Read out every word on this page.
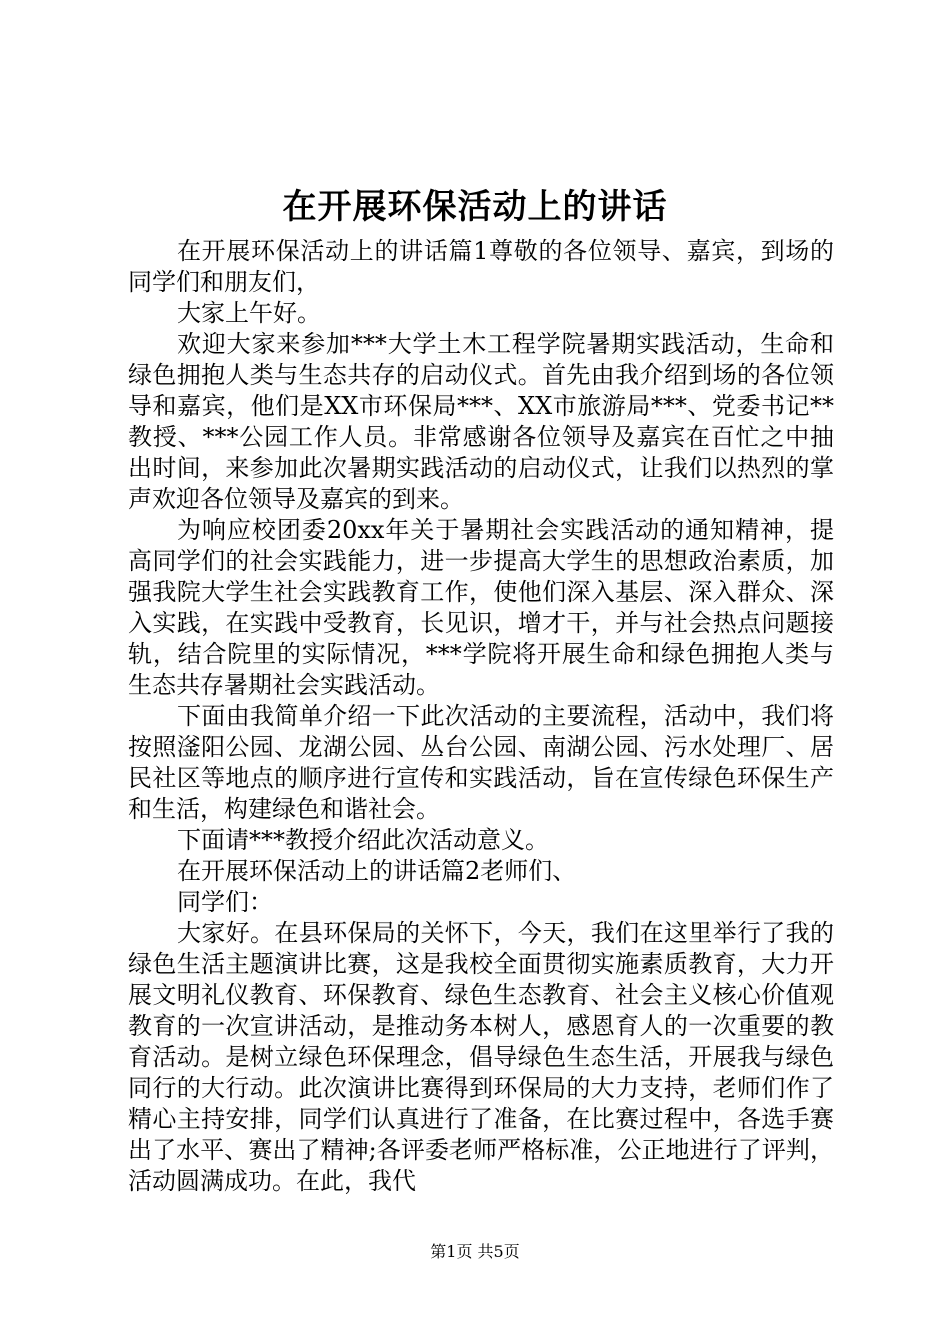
在开展环保活动上的讲话

在开展环保活动上的讲话篇1尊敬的各位领导、嘉宾，到场的同学们和朋友们，

大家上午好。

欢迎大家来参加***大学土木工程学院暑期实践活动，生命和绿色拥抱人类与生态共存的启动仪式。首先由我介绍到场的各位领导和嘉宾，他们是XX市环保局***、XX市旅游局***、党委书记**教授、***公园工作人员。非常感谢各位领导及嘉宾在百忙之中抽出时间，来参加此次暑期实践活动的启动仪式，让我们以热烈的掌声欢迎各位领导及嘉宾的到来。

为响应校团委20xx年关于暑期社会实践活动的通知精神，提高同学们的社会实践能力，进一步提高大学生的思想政治素质，加强我院大学生社会实践教育工作，使他们深入基层、深入群众、深入实践，在实践中受教育，长见识，增才干，并与社会热点问题接轨，结合院里的实际情况，***学院将开展生命和绿色拥抱人类与生态共存暑期社会实践活动。

下面由我简单介绍一下此次活动的主要流程，活动中，我们将按照滏阳公园、龙湖公园、丛台公园、南湖公园、污水处理厂、居民社区等地点的顺序进行宣传和实践活动，旨在宣传绿色环保生产和生活，构建绿色和谐社会。

下面请***教授介绍此次活动意义。

在开展环保活动上的讲话篇2老师们、

同学们：

大家好。在县环保局的关怀下，今天，我们在这里举行了我的绿色生活主题演讲比赛，这是我校全面贯彻实施素质教育，大力开展文明礼仪教育、环保教育、绿色生态教育、社会主义核心价值观教育的一次宣讲活动，是推动务本树人，感恩育人的一次重要的教育活动。是树立绿色环保理念，倡导绿色生态生活，开展我与绿色同行的大行动。此次演讲比赛得到环保局的大力支持，老师们作了精心主持安排，同学们认真进行了准备，在比赛过程中，各选手赛出了水平、赛出了精神;各评委老师严格标准，公正地进行了评判，活动圆满成功。在此，我代

第1页 共5页
